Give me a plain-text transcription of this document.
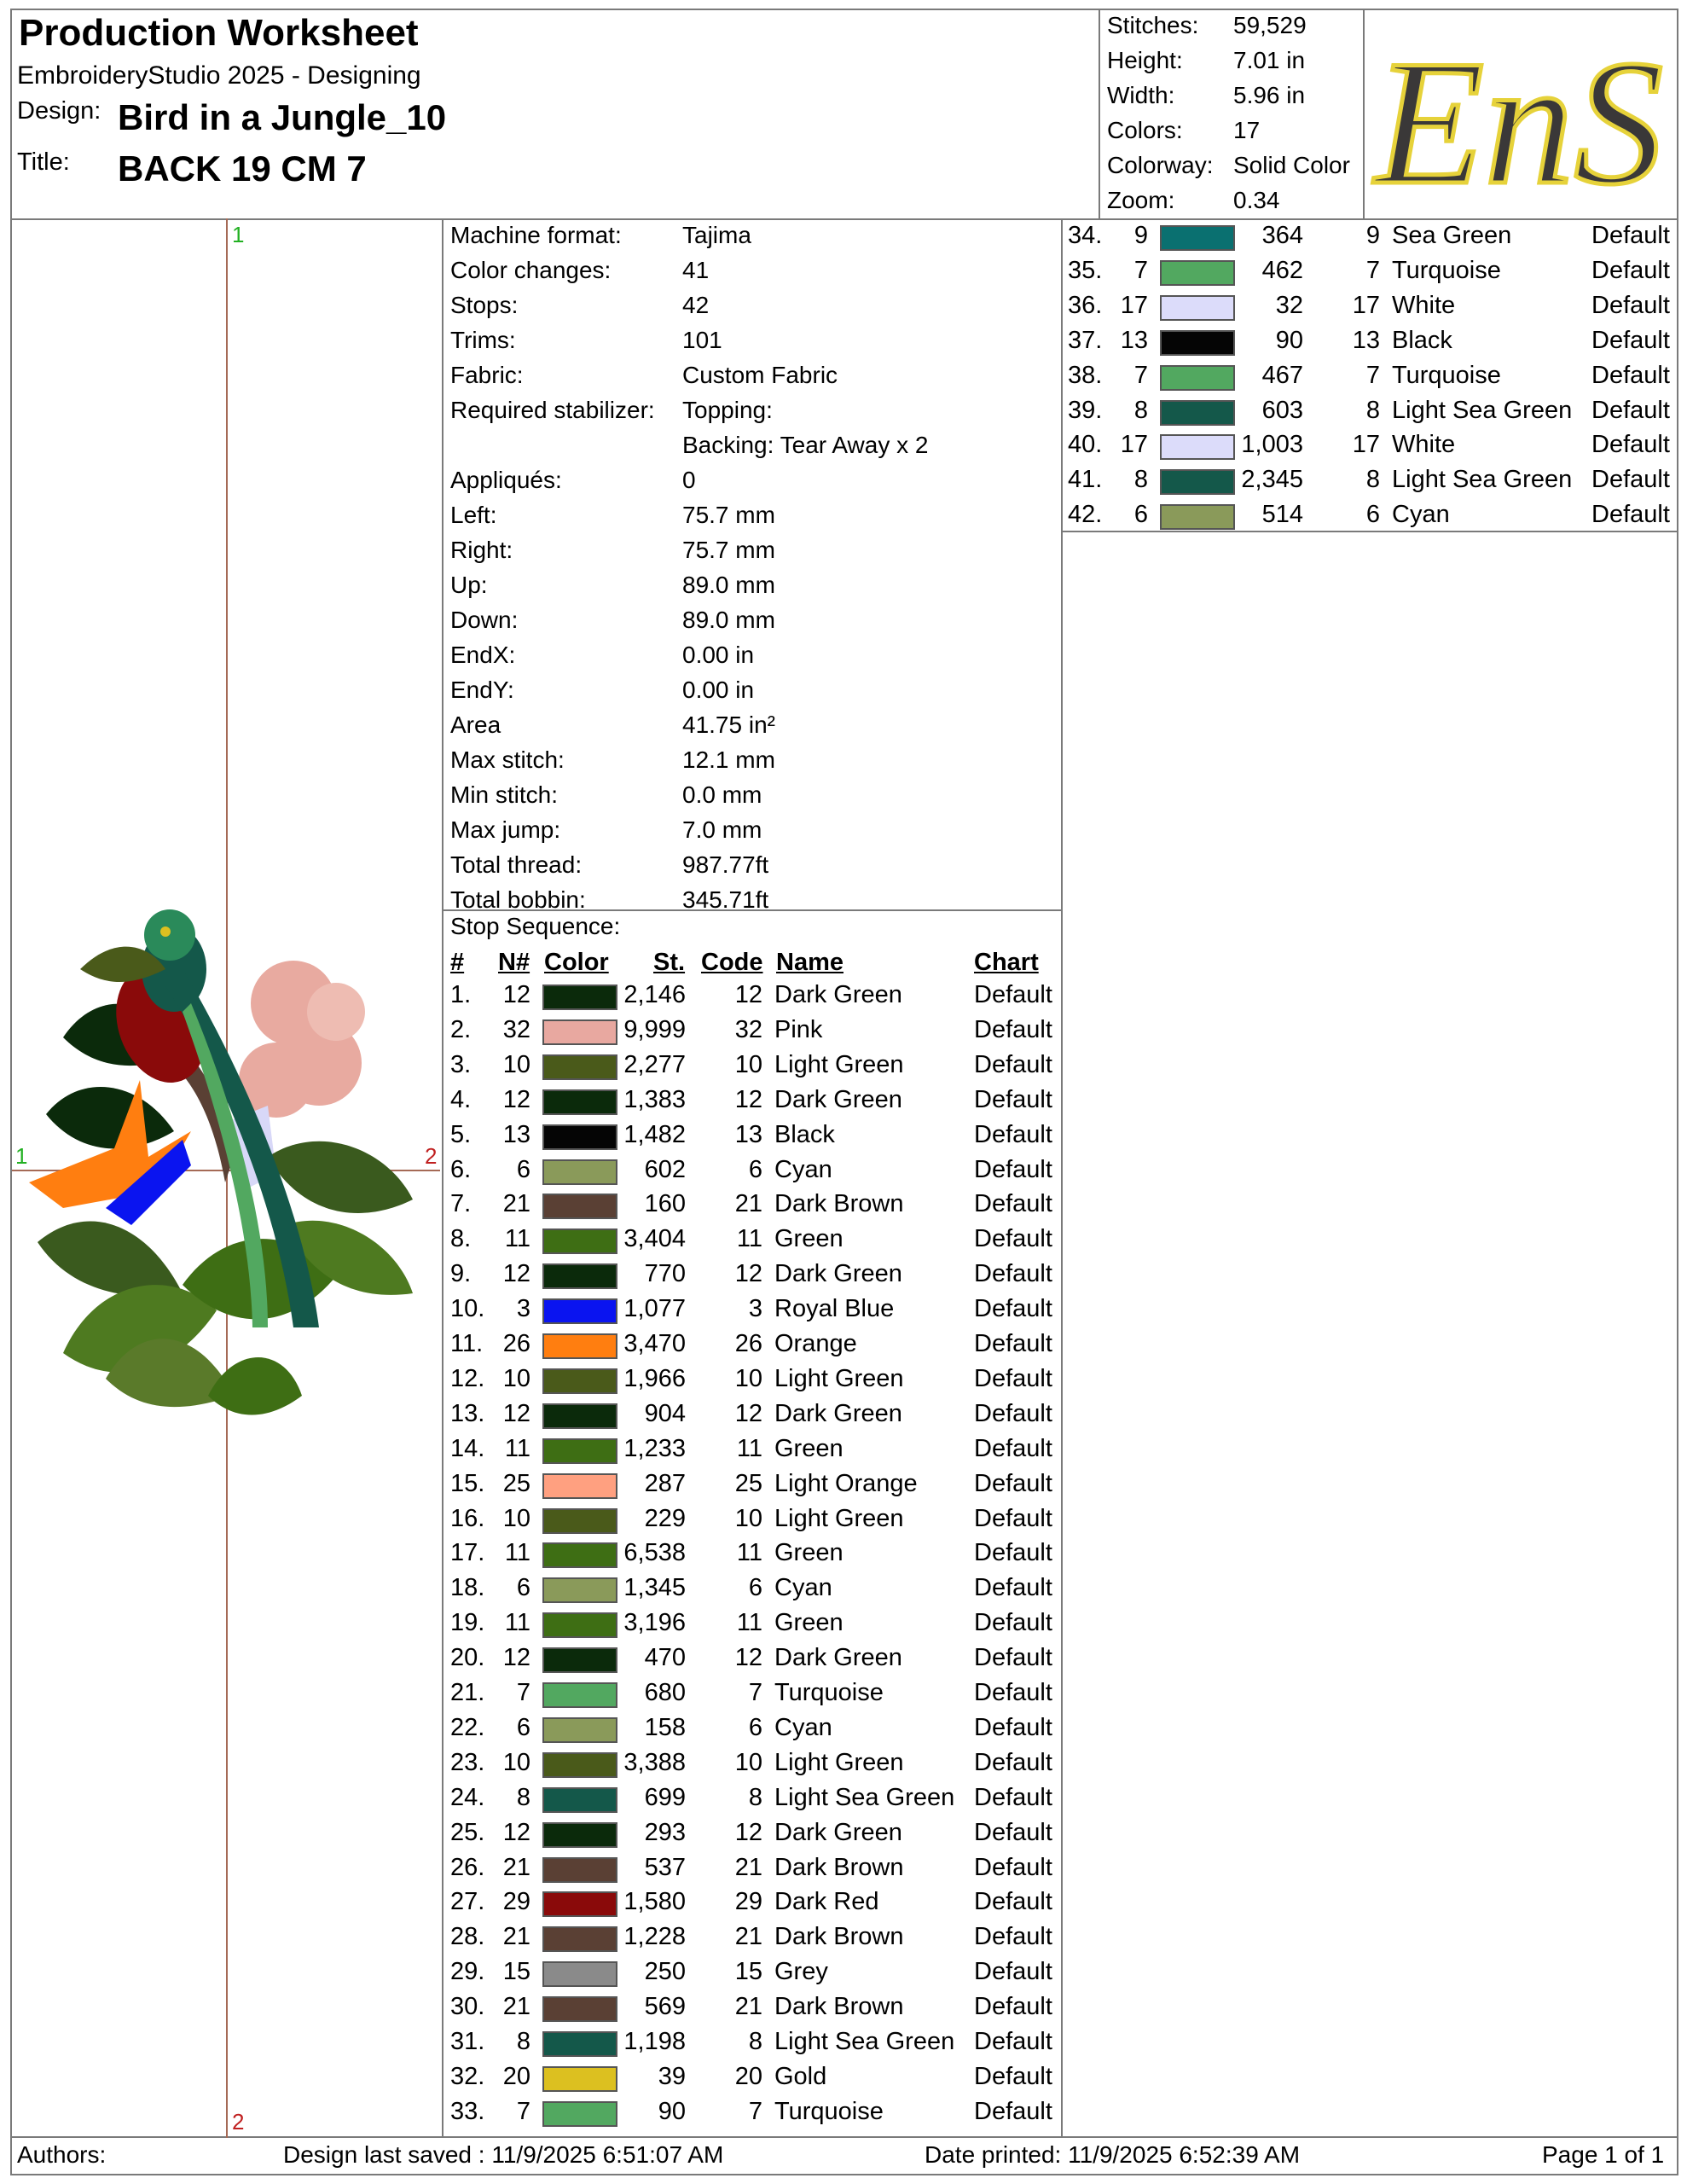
Production Worksheet
EmbroideryStudio 2025 - Designing
Design: Bird in a Jungle_10
Title: BACK 19 CM 7
Stitches: 59,529
Height: 7.01 in
Width: 5.96 in
Colors: 17
Colorway: Solid Color
Zoom: 0.34 EnS
1
2
1	2
Machine format:	Tajima
Color changes:	41
Stops:	42
Trims:	101
Fabric:	Custom Fabric
Required stabilizer: Topping:
Backing: Tear Away x 2
Appliqués:	0
Left:	75.7 mm
Right:	75.7 mm
Up:	89.0 mm
Down:	89.0 mm
EndX:	0.00 in
EndY:	0.00 in
Area	41.75 in²
Max stitch:	12.1 mm
Min stitch:	0.0 mm
Max jump:	7.0 mm
Total thread:	987.77ft
Total bobbin:	345.71ft
Stop Sequence:
# N# Color St. Code Name	Chart
1. 12	2,146 12 Dark Green	Default
2. 32	9,999 32 Pink	Default
3. 10	2,277 10 Light Green	Default
4. 12	1,383 12 Dark Green	Default
5. 13	1,482 13 Black	Default
6. 6	602	6 Cyan	Default
7. 21	160 21 Dark Brown	Default
8. 11	3,404 11 Green	Default
9. 12	770 12 Dark Green	Default
10. 3	1,077	3 Royal Blue	Default
11. 26	3,470 26 Orange	Default
12. 10	1,966 10 Light Green	Default
13. 12	904 12 Dark Green	Default
14. 11	1,233 11 Green	Default
15. 25	287 25 Light Orange Default
16. 10	229 10 Light Green	Default
17. 11	6,538 11 Green	Default
18. 6	1,345	6 Cyan	Default
19. 11	3,196 11 Green	Default
20. 12	470 12 Dark Green	Default
21. 7	680	7 Turquoise	Default
22. 6	158	6 Cyan	Default
23. 10	3,388 10 Light Green	Default
24. 8	699	8 Light Sea Green Default
25. 12	293 12 Dark Green	Default
26. 21	537 21 Dark Brown	Default
27. 29	1,580 29 Dark Red	Default
28. 21	1,228 21 Dark Brown	Default
29. 15	250 15 Grey	Default
30. 21	569 21 Dark Brown	Default
31. 8	1,198	8 Light Sea Green Default
32. 20	39 20 Gold	Default
33. 7	90	7 Turquoise	Default
34. 9	364	9 Sea Green	Default
35. 7	462	7 Turquoise	Default
36. 17	32 17 White	Default
37. 13	90 13 Black	Default
38. 7	467	7 Turquoise	Default
39. 8	603	8 Light Sea Green Default
40. 17	1,003 17 White	Default
41. 8	2,345	8 Light Sea Green Default
42. 6	514	6 Cyan	Default
Authors:	Design last saved : 11/9/2025 6:51:07 AM	Date printed: 11/9/2025 6:52:39 AM	Page 1 of 1
